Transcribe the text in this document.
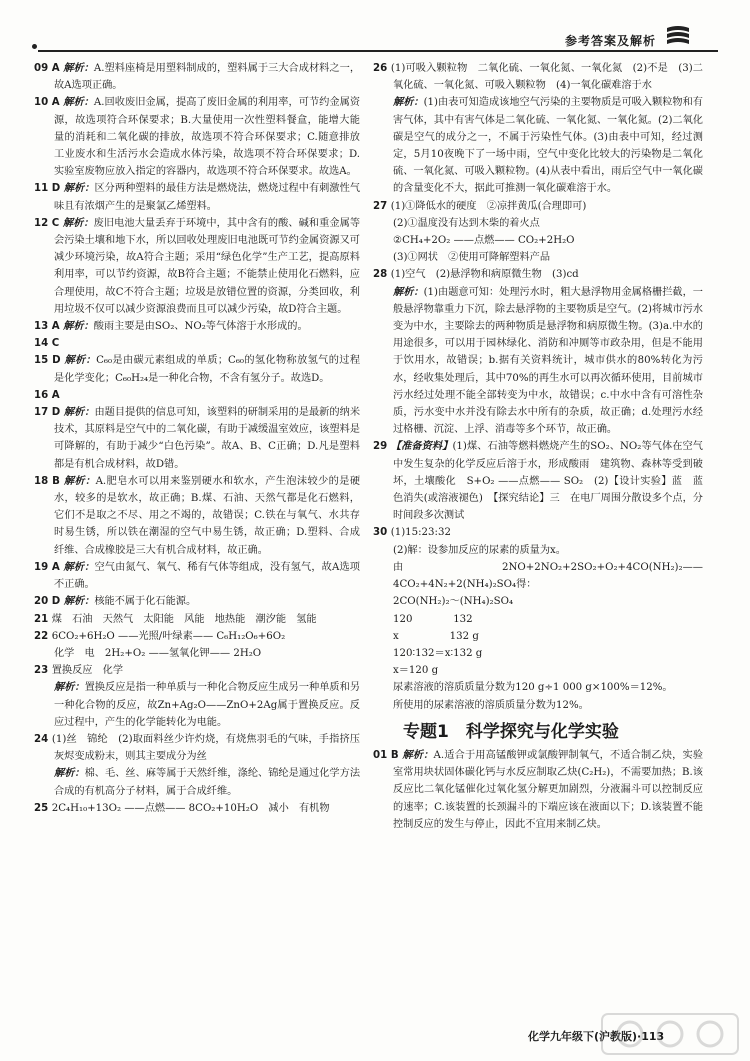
参考答案及解析

09 A 解析：A.塑料座椅是用塑料制成的，塑料属于三大合成材料之一，故A选项正确。

10 A 解析：A.回收废旧金属，提高了废旧金属的利用率，可节约金属资源，故选项符合环保要求；B.大量使用一次性塑料餐盒，能增大能量的消耗和二氧化碳的排放，故选项不符合环保要求；C.随意排放工业废水和生活污水会造成水体污染，故选项不符合环保要求；D.实验室废物应放入指定的容器内，故选项不符合环保要求。故选A。

11 D 解析：区分两种塑料的最佳方法是燃烧法，燃烧过程中有刺激性气味且有浓烟产生的是聚氯乙烯塑料。

12 C 解析：废旧电池大量丢弃于环境中，其中含有的酸、碱和重金属等会污染土壤和地下水，所以回收处理废旧电池既可节约金属资源又可减少环境污染，故A符合主题；采用“绿色化学”生产工艺，提高原料利用率，可以节约资源，故B符合主题；不能禁止使用化石燃料，应合理使用，故C不符合主题；垃圾是放错位置的资源，分类回收，利用垃圾不仅可以减少资源浪费而且可以减少污染，故D符合主题。

13 A 解析：酸雨主要是由SO₂、NO₂等气体溶于水形成的。

14 C

15 D 解析：C₆₀是由碳元素组成的单质；C₆₀的氢化物称放氢气的过程是化学变化；C₆₀H₂₄是一种化合物，不含有氢分子。故选D。

16 A

17 D 解析：由题目提供的信息可知，该塑料的研制采用的是最新的纳米技术，其原料是空气中的二氧化碳，有助于减缓温室效应，该塑料是可降解的，有助于减少“白色污染”。故A、B、C正确；D.凡是塑料都是有机合成材料，故D错。

18 B 解析：A.肥皂水可以用来鉴别硬水和软水，产生泡沫较少的是硬水，较多的是软水，故正确；B.煤、石油、天然气都是化石燃料，它们不是取之不尽、用之不竭的，故错误；C.铁在与氧气、水共存时易生锈，所以铁在潮湿的空气中易生锈，故正确；D.塑料、合成纤维、合成橡胶是三大有机合成材料，故正确。

19 A 解析：空气由氮气、氧气、稀有气体等组成，没有氢气，故A选项不正确。

20 D 解析：核能不属于化石能源。

21 煤　石油　天然气　太阳能　风能　地热能　潮汐能　氢能

22 6CO₂+6H₂O ——光照/叶绿素—— C₆H₁₂O₆+6O₂

化学　电　2H₂+O₂ ——氢氧化钾—— 2H₂O

23 置换反应　化学

解析：置换反应是指一种单质与一种化合物反应生成另一种单质和另一种化合物的反应，故Zn+Ag₂O——ZnO+2Ag属于置换反应。反应过程中，产生的化学能转化为电能。

24 (1)丝　锦纶　(2)取面料丝少许灼烧，有烧焦羽毛的气味，手指挤压灰烬变成粉末，则其主要成分为丝

解析：棉、毛、丝、麻等属于天然纤维，涤纶、锦纶是通过化学方法合成的有机高分子材料，属于合成纤维。

25 2C₄H₁₀+13O₂ ——点燃—— 8CO₂+10H₂O　减小　有机物

26 (1)可吸入颗粒物　二氧化硫、一氧化氮、一氧化氮　(2)不是　(3)二氧化硫、一氧化氮、可吸入颗粒物　(4)一氧化碳难溶于水

解析：(1)由表可知造成该地空气污染的主要物质是可吸入颗粒物和有害气体，其中有害气体是二氧化硫、一氧化氮、一氧化氮。(2)二氧化碳是空气的成分之一，不属于污染性气体。(3)由表中可知，经过测定，5月10夜晚下了一场中雨，空气中变化比较大的污染物是二氧化硫、一氧化氮、可吸入颗粒物。(4)从表中看出，雨后空气中一氧化碳的含量变化不大，据此可推测一氧化碳难溶于水。

27 (1)①降低水的硬度　②凉拌黄瓜(合理即可)

(2)①温度没有达到木柴的着火点

②CH₄+2O₂ ——点燃—— CO₂+2H₂O

(3)①网状　②使用可降解塑料产品

28 (1)空气　(2)悬浮物和病原微生物　(3)cd

解析：(1)由题意可知：处理污水时，粗大悬浮物用金属格栅拦截，一般悬浮物靠重力下沉，除去悬浮物的主要物质是空气。(2)将城市污水变为中水，主要除去的两种物质是悬浮物和病原微生物。(3)a.中水的用途很多，可以用于园林绿化、消防和冲厕等市政杂用，但是不能用于饮用水，故错误；b.据有关资料统计，城市供水的80%转化为污水，经收集处理后，其中70%的再生水可以再次循环使用，目前城市污水经过处理不能全部转变为中水，故错误；c.中水中含有可溶性杂质，污水变中水并没有除去水中所有的杂质，故正确；d.处理污水经过格栅、沉淀、上浮、消毒等多个环节，故正确。

29 【准备资料】(1)煤、石油等燃料燃烧产生的SO₂、NO₂等气体在空气中发生复杂的化学反应后溶于水，形成酸雨　建筑物、森林等受到破坏，土壤酸化　S+O₂ ——点燃—— SO₂　(2)【设计实验】蓝　蓝色消失(或溶液褪色)　【探究结论】三　在电厂周围分散设多个点，分时间段多次测试

30 (1)15:23:32

(2)解：设参加反应的尿素的质量为x。

由2NO+2NO₂+2SO₂+O₂+4CO(NH₂)₂——4CO₂+4N₂+2(NH₄)₂SO₄得：

2CO(NH₂)₂～(NH₄)₂SO₄

120　　　　132

x　　　　　132 g

120∶132＝x∶132 g

x＝120 g

尿素溶液的溶质质量分数为120 g÷1 000 g×100%＝12%。

所使用的尿素溶液的溶质质量分数为12%。

专题1　科学探究与化学实验

01 B 解析：A.适合于用高锰酸钾或氯酸钾制氧气，不适合制乙炔，实验室常用块状固体碳化钙与水反应制取乙炔(C₂H₂)，不需要加热；B.该反应比二氧化锰催化过氧化氢分解更加剧烈，分液漏斗可以控制反应的速率；C.该装置的长颈漏斗的下端应该在液面以下；D.该装置不能控制反应的发生与停止，因此不宜用来制乙炔。

化学九年级下(沪教版)·113
